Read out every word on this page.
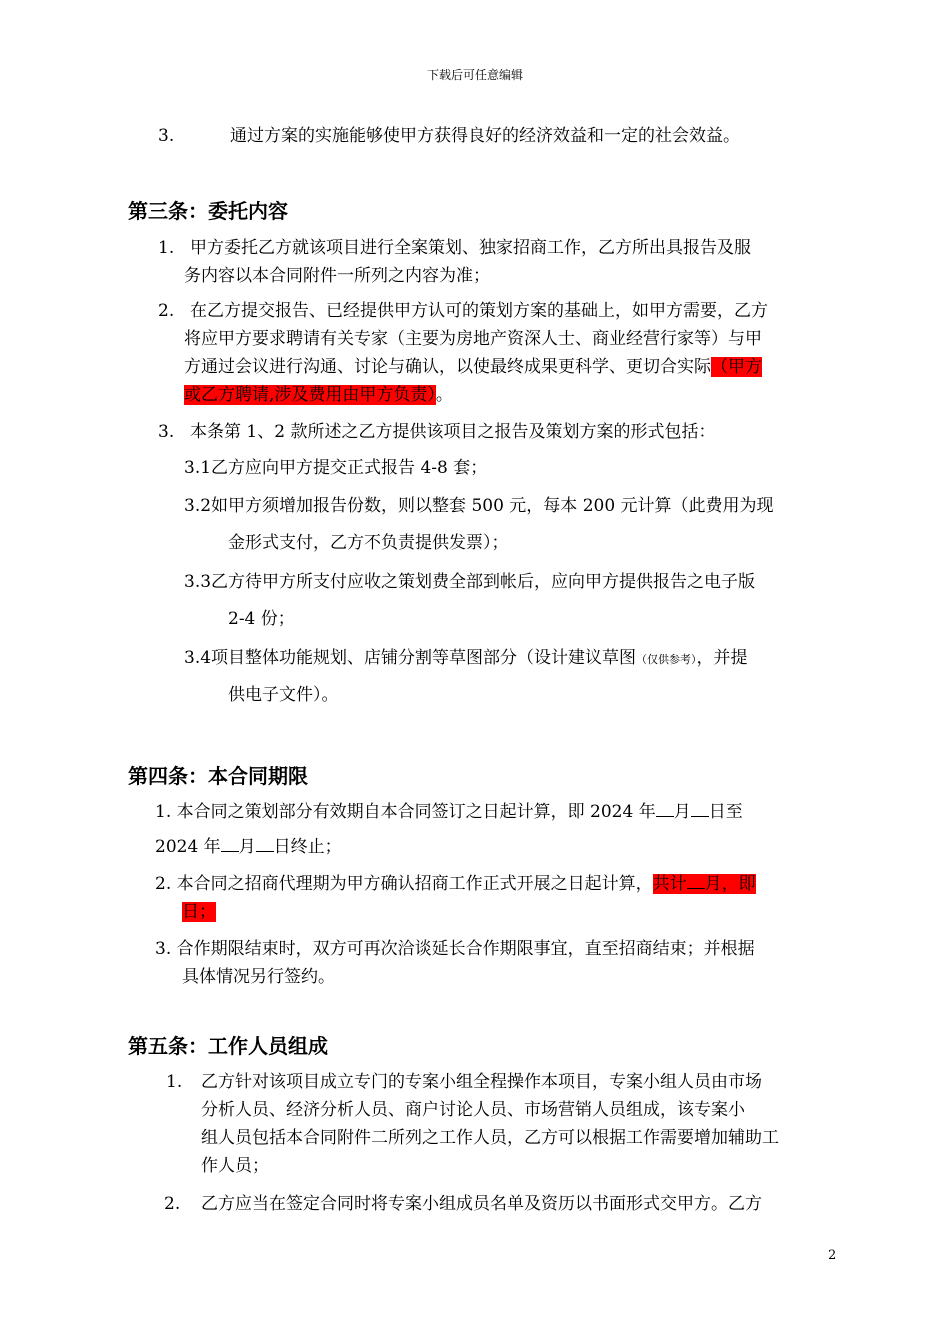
下载后可任意编辑
3.	通过方案的实施能够使甲方获得良好的经济效益和一定的社会效益。
第三条：委托内容
1. 甲方委托乙方就该项目进行全案策划、独家招商工作，乙方所出具报告及服
务内容以本合同附件一所列之内容为准；
2. 在乙方提交报告、已经提供甲方认可的策划方案的基础上，如甲方需要，乙方
将应甲方要求聘请有关专家（主要为房地产资深人士、商业经营行家等）与甲
方通过会议进行沟通、讨论与确认，以使最终成果更科学、更切合实际（甲方
或乙方聘请,涉及费用由甲方负责）。
3. 本条第 1、2 款所述之乙方提供该项目之报告及策划方案的形式包括：
3.1乙方应向甲方提交正式报告 4-8 套；
3.2如甲方须增加报告份数，则以整套 500 元，每本 200 元计算（此费用为现
金形式支付，乙方不负责提供发票）；
3.3乙方待甲方所支付应收之策划费全部到帐后，应向甲方提供报告之电子版
2-4 份；
3.4项目整体功能规划、店铺分割等草图部分（设计建议草图（仅供参考），并提
供电子文件）。
第四条：本合同期限
1. 本合同之策划部分有效期自本合同签订之日起计算，即 2024 年 月 日至
2024 年 月 日终止；
2. 本合同之招商代理期为甲方确认招商工作正式开展之日起计算，共计 月，即
日；
3. 合作期限结束时，双方可再次洽谈延长合作期限事宜，直至招商结束；并根据
具体情况另行签约。
第五条：工作人员组成
1. 乙方针对该项目成立专门的专案小组全程操作本项目，专案小组人员由市场
分析人员、经济分析人员、商户讨论人员、市场营销人员组成，该专案小
组人员包括本合同附件二所列之工作人员，乙方可以根据工作需要增加辅助工
作人员；
2. 乙方应当在签定合同时将专案小组成员名单及资历以书面形式交甲方。乙方
2
